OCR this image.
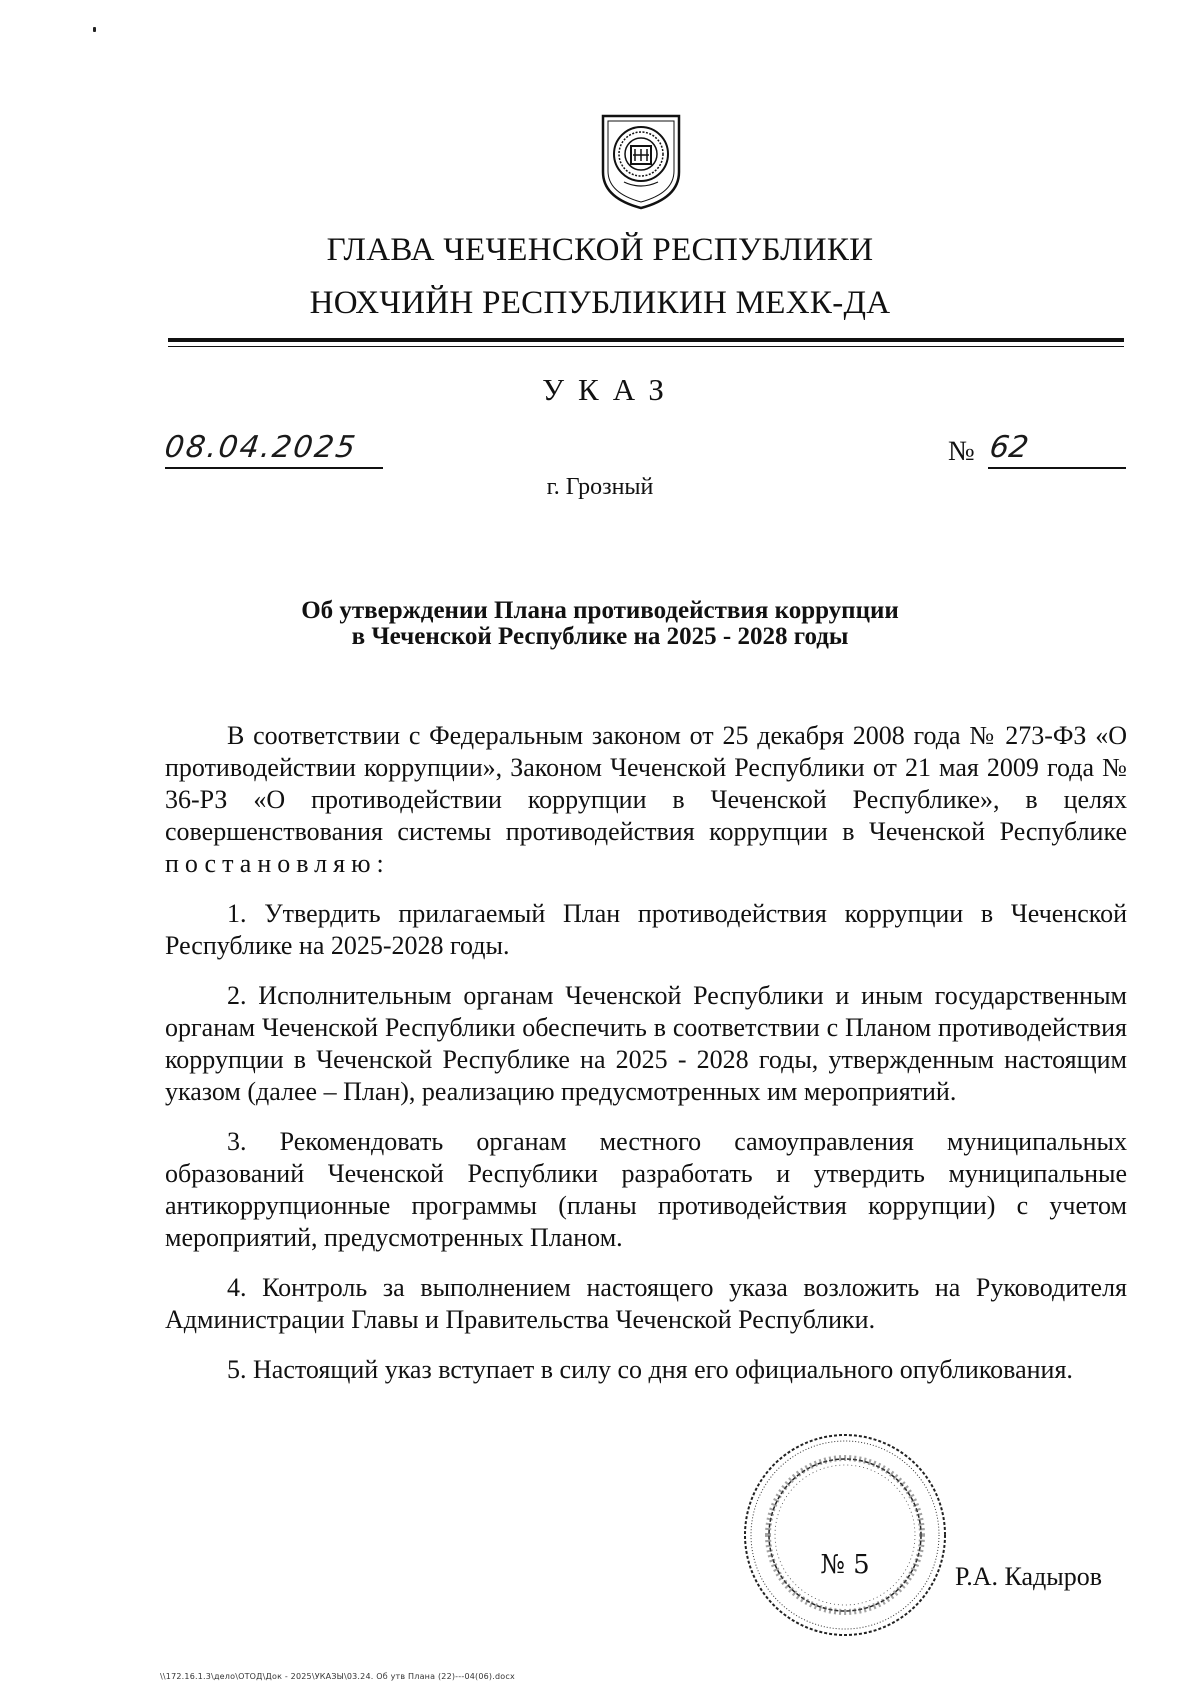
ГЛАВА ЧЕЧЕНСКОЙ РЕСПУБЛИКИ
НОХЧИЙН РЕСПУБЛИКИН МЕХК-ДА
УКАЗ
08.04.2025	№ 62
г. Грозный
Об утверждении Плана противодействия коррупции
в Чеченской Республике на 2025 - 2028 годы

В соответствии с Федеральным законом от 25 декабря 2008 года № 273-ФЗ «О противодействии коррупции», Законом Чеченской Республики от 21 мая 2009 года № 36-РЗ «О противодействии коррупции в Чеченской Республике», в целях совершенствования системы противодействия коррупции в Чеченской Республике постановляю:

1. Утвердить прилагаемый План противодействия коррупции в Чеченской Республике на 2025-2028 годы.

2. Исполнительным органам Чеченской Республики и иным государственным органам Чеченской Республики обеспечить в соответствии с Планом противодействия коррупции в Чеченской Республике на 2025 - 2028 годы, утвержденным настоящим указом (далее – План), реализацию предусмотренных им мероприятий.

3. Рекомендовать органам местного самоуправления муниципальных образований Чеченской Республики разработать и утвердить муниципальные антикоррупционные программы (планы противодействия коррупции) с учетом мероприятий, предусмотренных Планом.

4. Контроль за выполнением настоящего указа возложить на Руководителя Администрации Главы и Правительства Чеченской Республики.

5. Настоящий указ вступает в силу со дня его официального опубликования.

№ 5	Р.А. Кадыров
\\172.16.1.3\дело\ОТОД\Док - 2025\УКАЗЫ\03.24. Об утв Плана (22)---04(06).docx
